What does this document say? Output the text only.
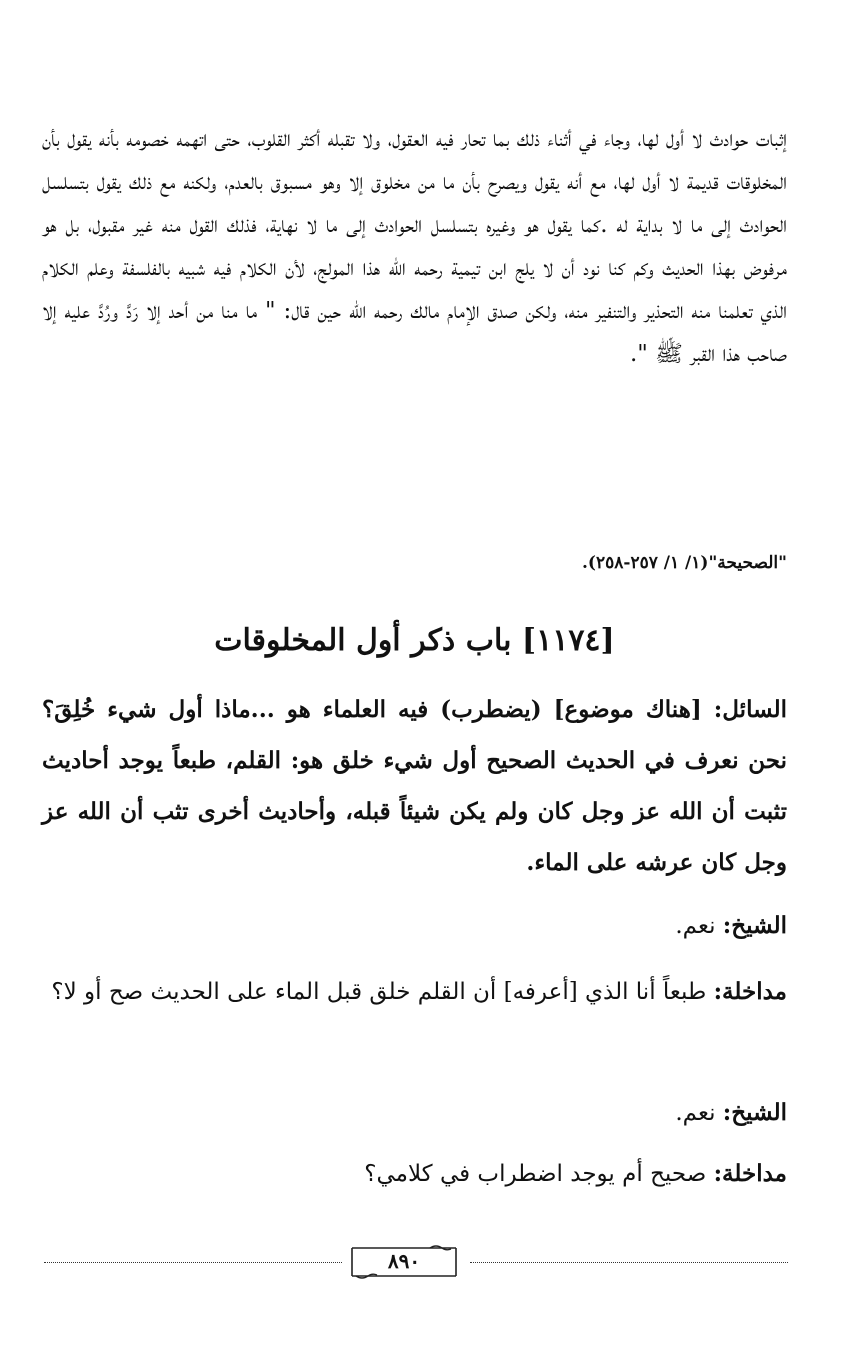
إثبات حوادث لا أول لها، وجاء في أثناء ذلك بما تحار فيه العقول، ولا تقبله أكثر القلوب، حتى اتهمه خصومه بأنه يقول بأن المخلوقات قديمة لا أول لها، مع أنه يقول ويصرح بأن ما من مخلوق إلا وهو مسبوق بالعدم، ولكنه مع ذلك يقول بتسلسل الحوادث إلى ما لا بداية له .كما يقول هو وغيره بتسلسل الحوادث إلى ما لا نهاية، فذلك القول منه غير مقبول، بل هو مرفوض بهذا الحديث وكم كنا نود أن لا يلج ابن تيمية رحمه الله هذا المولج، لأن الكلام فيه شبيه بالفلسفة وعلم الكلام الذي تعلمنا منه التحذير والتنفير منه، ولكن صدق الإمام مالك رحمه الله حين قال: " ما منا من أحد إلا رَدَّ ورُدَّ عليه إلا صاحب هذا القبر ﷺ ".

"الصحيحة"(١/ ١/ ٢٥٧-٢٥٨).
[١١٧٤] باب ذكر أول المخلوقات
السائل: [هناك موضوع] (يضطرب) فيه العلماء هو ...ماذا أول شيء خُلِقَ؟ نحن نعرف في الحديث الصحيح أول شيء خلق هو: القلم، طبعاً يوجد أحاديث تثبت أن الله عز وجل كان ولم يكن شيئاً قبله، وأحاديث أخرى تثب أن الله عز وجل كان عرشه على الماء.
الشيخ: نعم.
مداخلة: طبعاً أنا الذي [أعرفه] أن القلم خلق قبل الماء على الحديث صح أو لا؟
الشيخ: نعم.
مداخلة: صحيح أم يوجد اضطراب في كلامي؟
٨٩٠
